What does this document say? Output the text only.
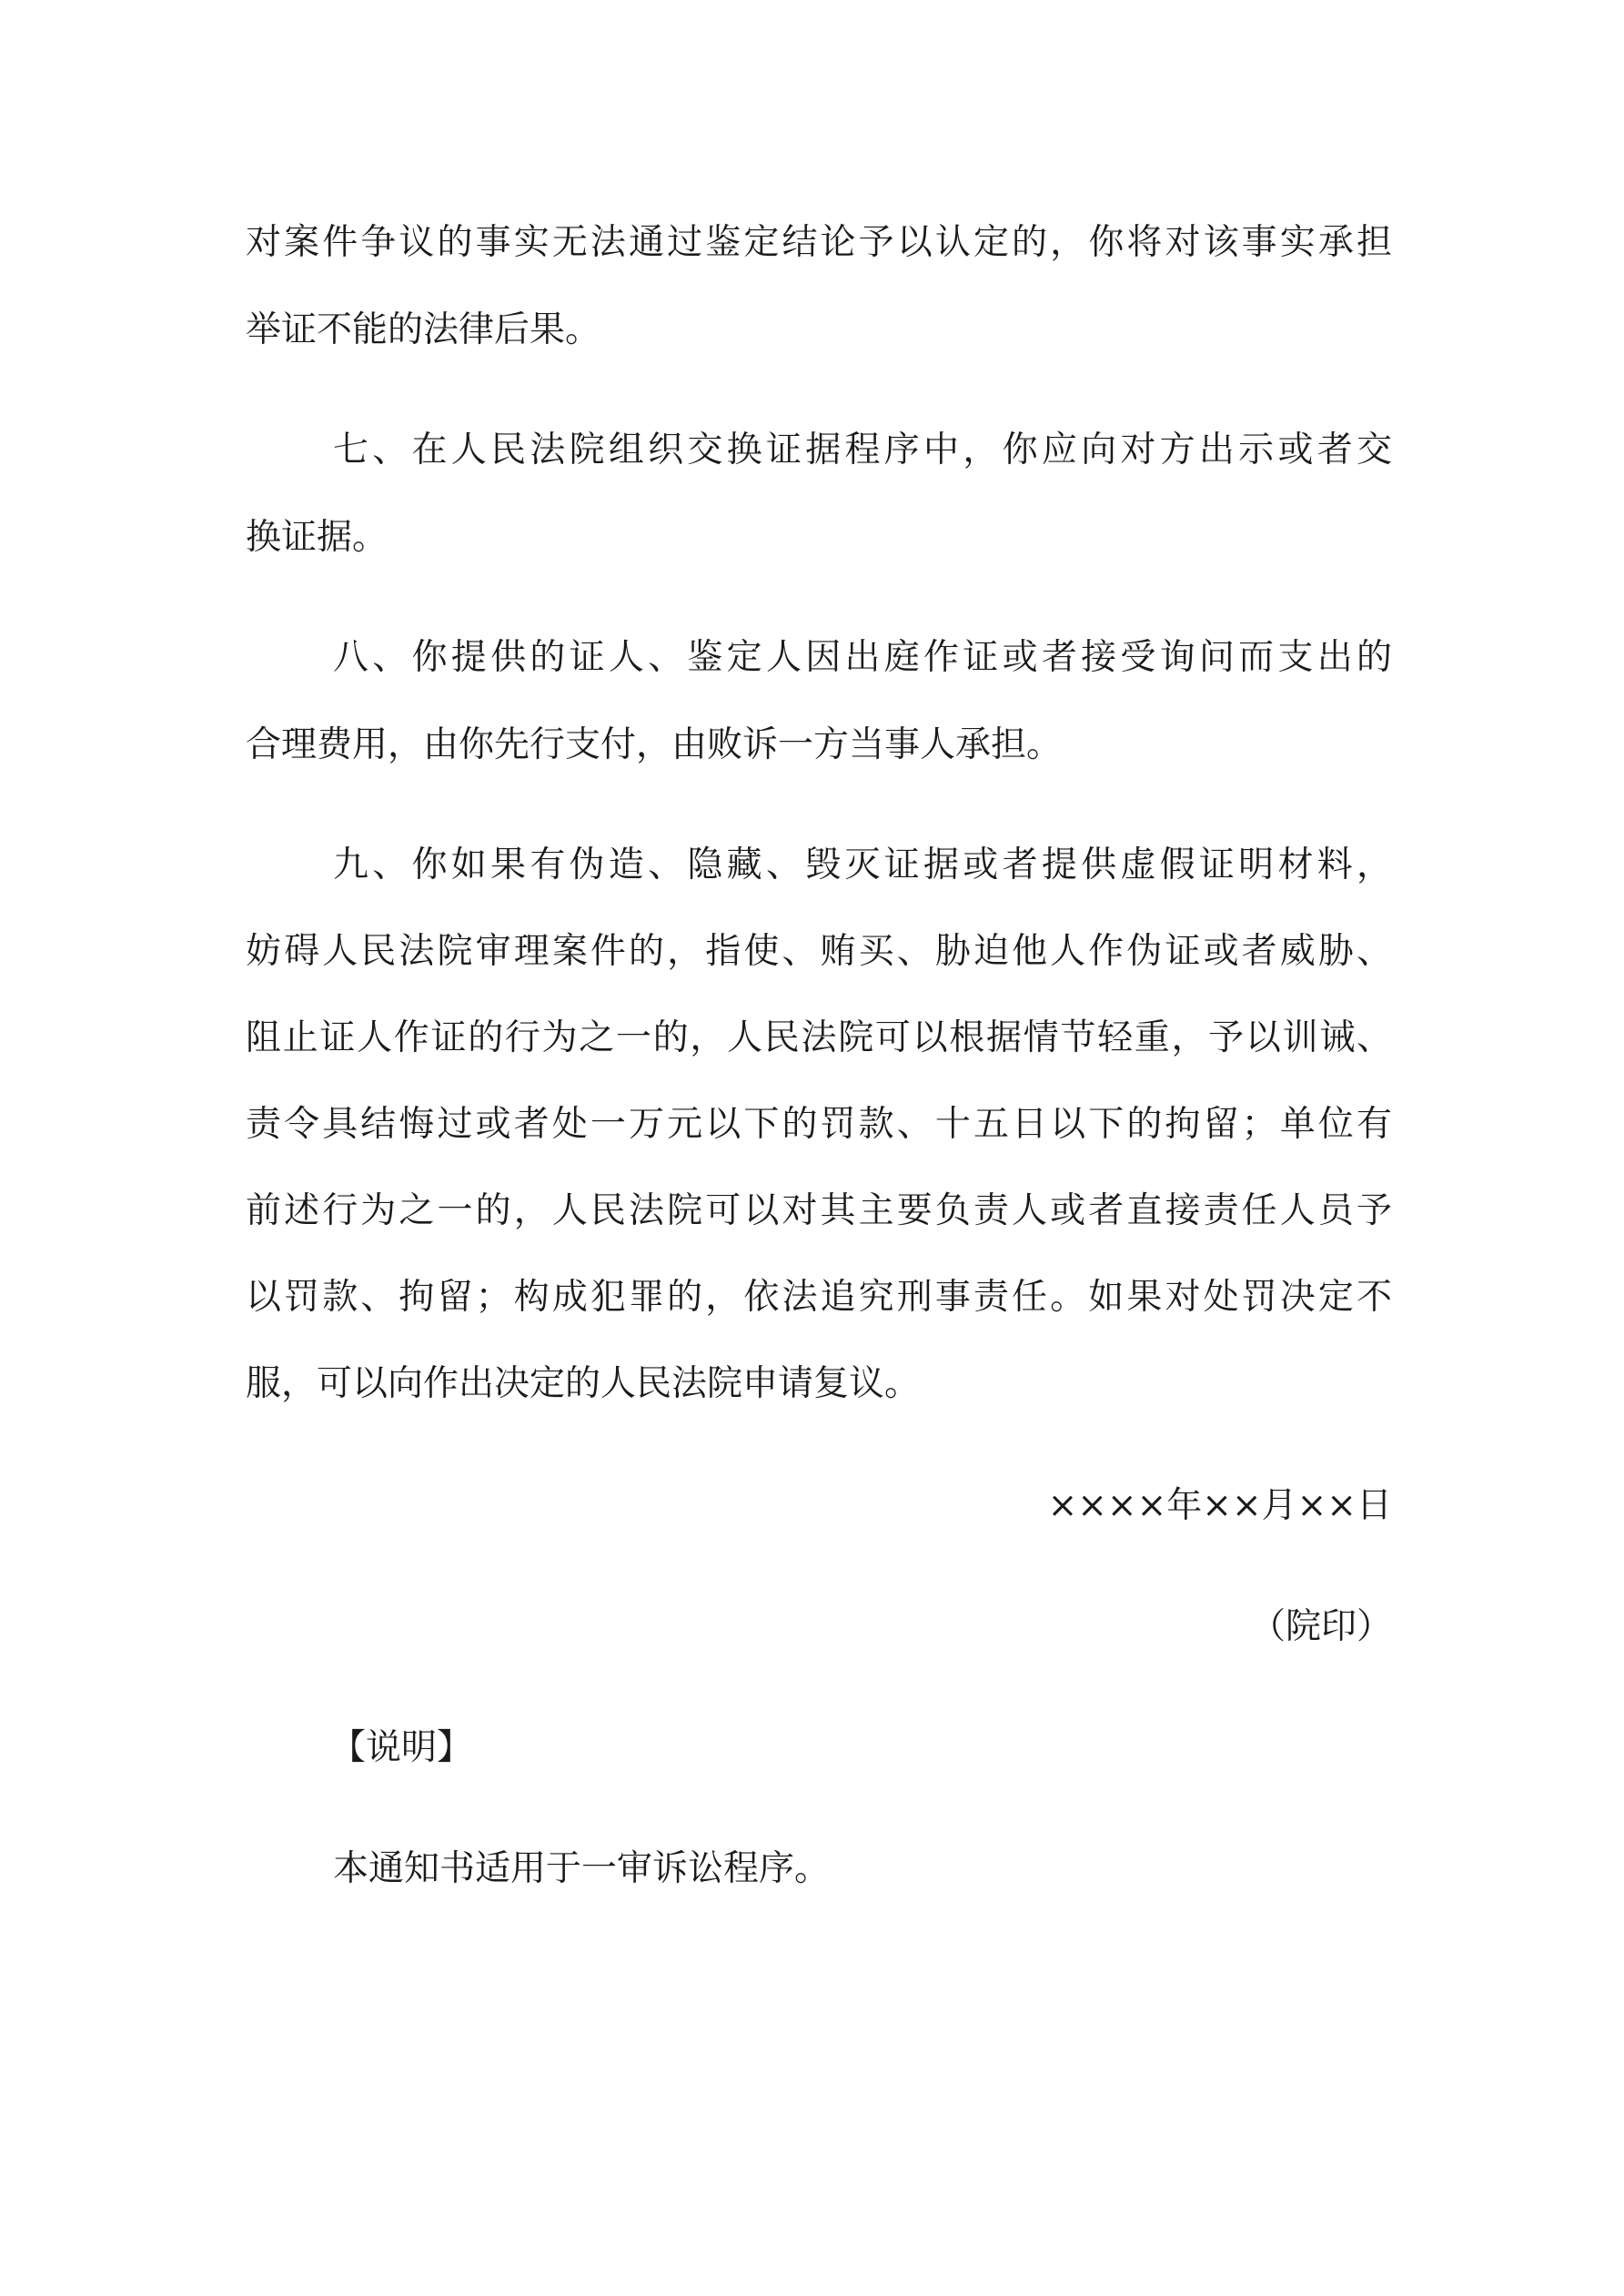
对案件争议的事实无法通过鉴定结论予以认定的，你将对该事实承担
举证不能的法律后果。
七、在人民法院组织交换证据程序中，你应向对方出示或者交
换证据。
八、你提供的证人、鉴定人因出庭作证或者接受询问而支出的
合理费用，由你先行支付，由败诉一方当事人承担。
九、你如果有伪造、隐藏、毁灭证据或者提供虚假证明材料，
妨碍人民法院审理案件的，指使、贿买、胁迫他人作伪证或者威胁、
阻止证人作证的行为之一的，人民法院可以根据情节轻重，予以训诫、
责令具结悔过或者处一万元以下的罚款、十五日以下的拘留；单位有
前述行为之一的，人民法院可以对其主要负责人或者直接责任人员予
以罚款、拘留；构成犯罪的，依法追究刑事责任。如果对处罚决定不
服，可以向作出决定的人民法院申请复议。
××××年××月××日
（院印）
【说明】
本通知书适用于一审诉讼程序。
